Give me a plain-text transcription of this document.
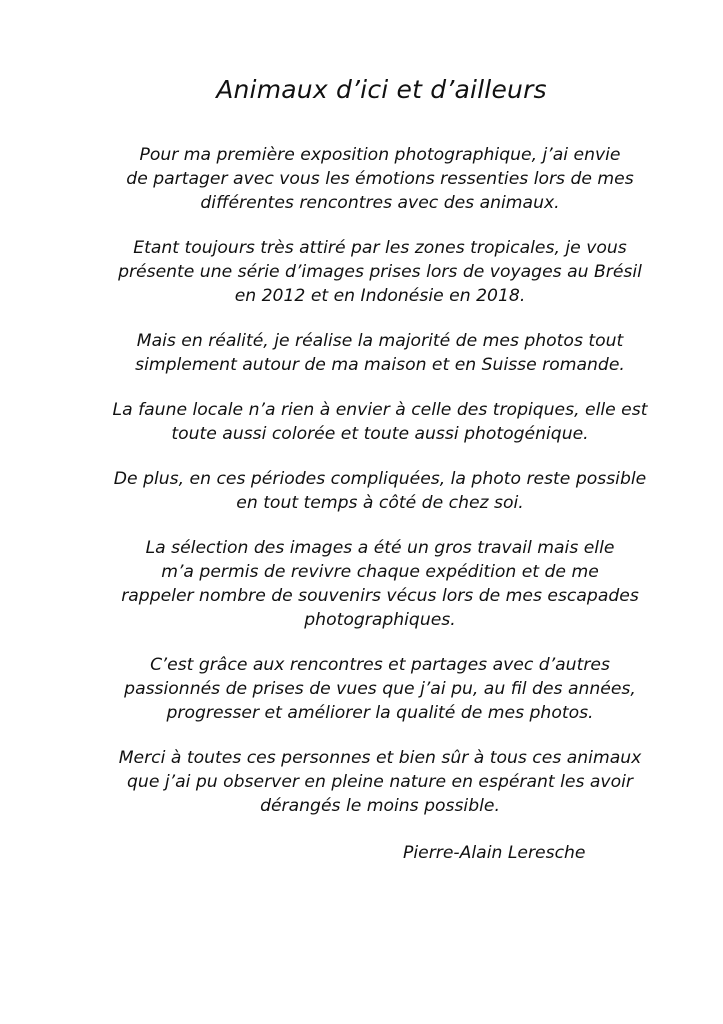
Animaux d’ici et d’ailleurs

Pour ma première exposition photographique, j’ai envie
de partager avec vous les émotions ressenties lors de mes
différentes rencontres avec des animaux.

Etant toujours très attiré par les zones tropicales, je vous
présente une série d’images prises lors de voyages au Brésil
en 2012 et en Indonésie en 2018.

Mais en réalité, je réalise la majorité de mes photos tout
simplement autour de ma maison et en Suisse romande.

La faune locale n’a rien à envier à celle des tropiques, elle est
toute aussi colorée et toute aussi photogénique.

De plus, en ces périodes compliquées, la photo reste possible
en tout temps à côté de chez soi.

La sélection des images a été un gros travail mais elle
m’a permis de revivre chaque expédition et de me
rappeler nombre de souvenirs vécus lors de mes escapades
photographiques.

C’est grâce aux rencontres et partages avec d’autres
passionnés de prises de vues que j’ai pu, au fil des années,
progresser et améliorer la qualité de mes photos.

Merci à toutes ces personnes et bien sûr à tous ces animaux
que j’ai pu observer en pleine nature en espérant les avoir
dérangés le moins possible.

Pierre-Alain Leresche
